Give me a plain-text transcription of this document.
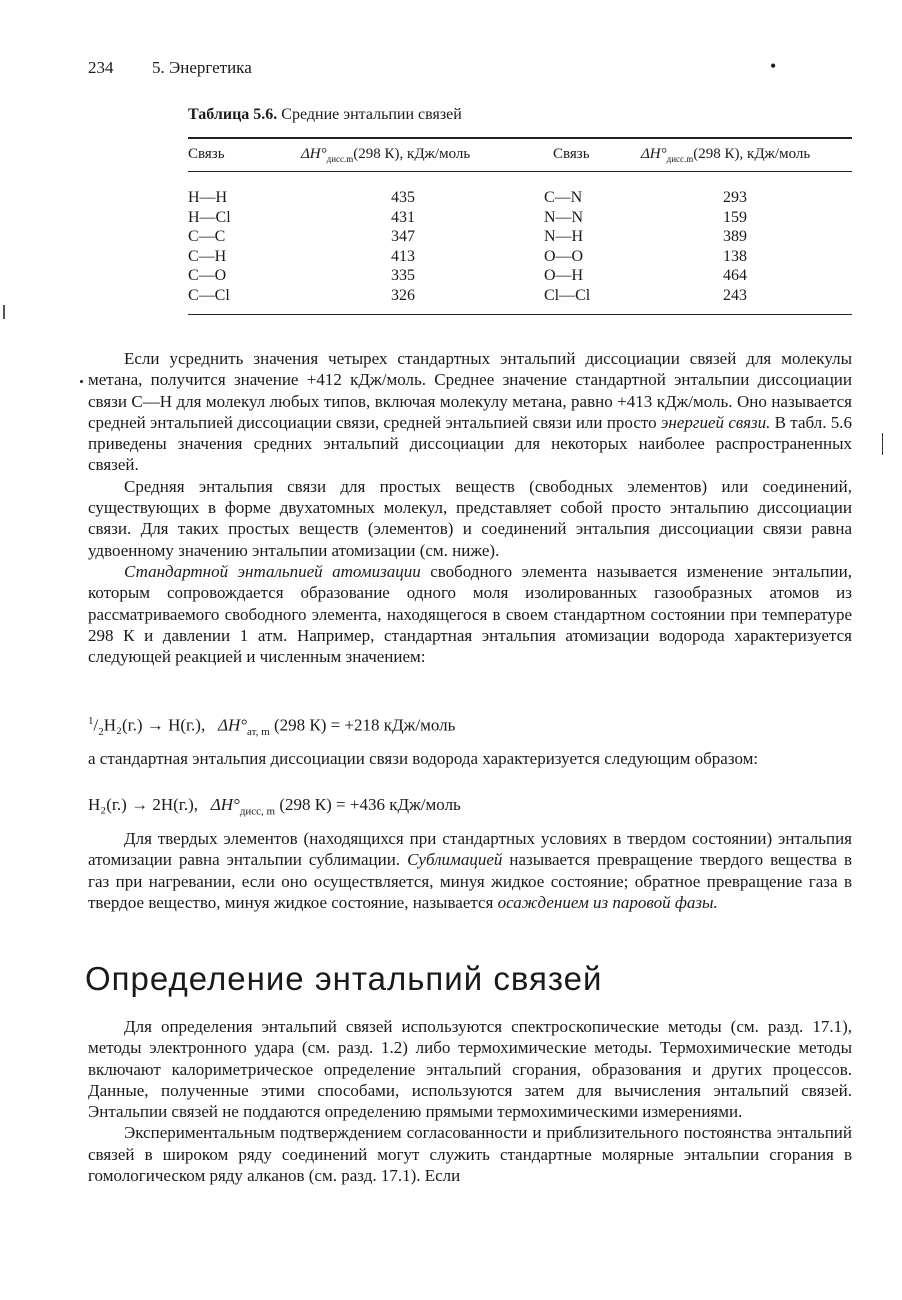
234 5. Энергетика	•
Таблица 5.6. Средние энтальпии связей
Связь	$\Delta H^\circ_{дисс.m}(298$ К), кДж/моль	Связь	$\Delta H^\circ_{дисс.m}(298$ К), кДж/моль
H—H	435	C—N	293
H—Cl	431	N—N	159
C—C	347	N—H	389
C—H	413	O—O	138
C—O	335	O—H	464
C—Cl	326	Cl—Cl	243

Если усреднить значения четырех стандартных энтальпий диссоциации связей для молекулы метана, получится значение +412 кДж/моль. Среднее значение стандартной энтальпии диссоциации связи С—Н для молекул любых типов, включая молекулу метана, равно +413 кДж/моль. Оно называется средней энтальпией диссоциации связи, средней энтальпией связи или просто энергией связи. В табл. 5.6 приведены значения средних энтальпий диссоциации для некоторых наиболее распространенных связей.

Средняя энтальпия связи для простых веществ (свободных элементов) или соединений, существующих в форме двухатомных молекул, представляет собой просто энтальпию диссоциации связи. Для таких простых веществ (элементов) и соединений энтальпия диссоциации связи равна удвоенному значению энтальпии атомизации (см. ниже).

Стандартной энтальпией атомизации свободного элемента называется изменение энтальпии, которым сопровождается образование одного моля изолированных газообразных атомов из рассматриваемого свободного элемента, находящегося в своем стандартном состоянии при температуре 298 К и давлении 1 атм. Например, стандартная энтальпия атомизации водорода характеризуется следующей реакцией и численным значением:

$^1/_2H_2(г.) \to H(г.)$, $\Delta H^\circ_{ат, m}$ (298 К) = +218 кДж/моль

а стандартная энтальпия диссоциации связи водорода характеризуется следующим образом:

H₂(г.) → 2H(г.), $\Delta H^\circ_{дисс, m}$ (298 К) = +436 кДж/моль

Для твердых элементов (находящихся при стандартных условиях в твердом состоянии) энтальпия атомизации равна энтальпии сублимации. Сублимацией называется превращение твердого вещества в газ при нагревании, если оно осуществляется, минуя жидкое состояние; обратное превращение газа в твердое вещество, минуя жидкое состояние, называется осаждением из паровой фазы.

Определение энтальпий связей

Для определения энтальпий связей используются спектроскопические методы (см. разд. 17.1), методы электронного удара (см. разд. 1.2) либо термохимические методы. Термохимические методы включают калориметрическое определение энтальпий сгорания, образования и других процессов. Данные, полученные этими способами, используются затем для вычисления энтальпий связей. Энтальпии связей не поддаются определению прямыми термохимическими измерениями.

Экспериментальным подтверждением согласованности и приблизительного постоянства энтальпий связей в широком ряду соединений могут служить стандартные молярные энтальпии сгорания в гомологическом ряду алканов (см. разд. 17.1). Если
